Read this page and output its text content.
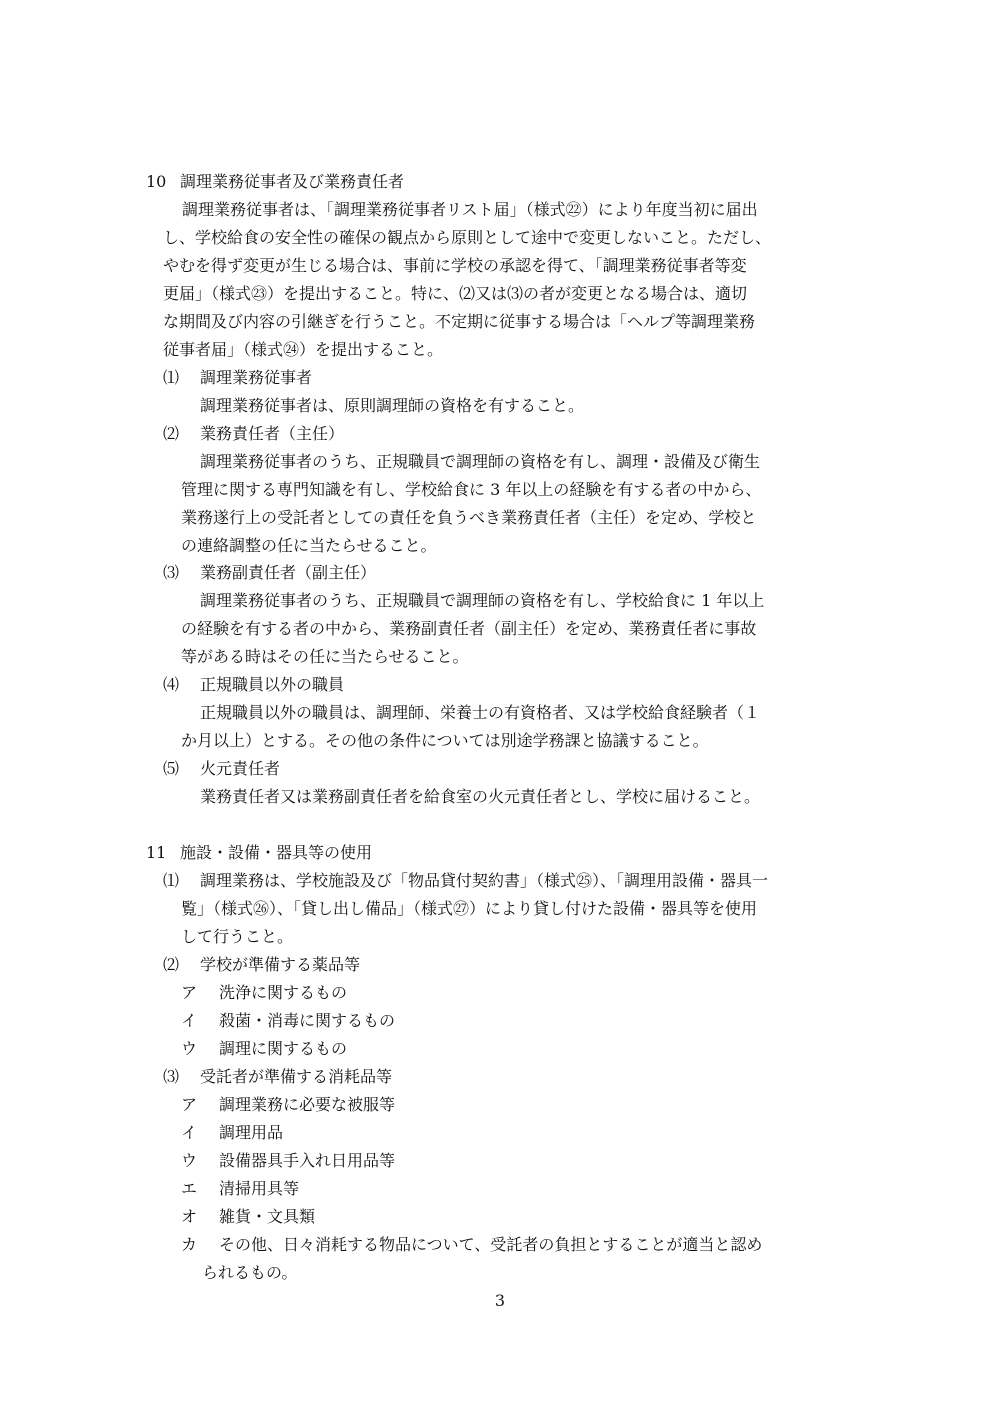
10 調理業務従事者及び業務責任者
調理業務従事者は、「調理業務従事者リスト届」（様式㉒）により年度当初に届出
し、学校給食の安全性の確保の観点から原則として途中で変更しないこと。ただし、
やむを得ず変更が生じる場合は、事前に学校の承認を得て、「調理業務従事者等変
更届」（様式㉓）を提出すること。特に、⑵又は⑶の者が変更となる場合は、適切
な期間及び内容の引継ぎを行うこと。不定期に従事する場合は「ヘルプ等調理業務
従事者届」（様式㉔）を提出すること。
⑴ 調理業務従事者
調理業務従事者は、原則調理師の資格を有すること。
⑵ 業務責任者（主任）
調理業務従事者のうち、正規職員で調理師の資格を有し、調理・設備及び衛生
管理に関する専門知識を有し、学校給食に 3 年以上の経験を有する者の中から、
業務遂行上の受託者としての責任を負うべき業務責任者（主任）を定め、学校と
の連絡調整の任に当たらせること。
⑶ 業務副責任者（副主任）
調理業務従事者のうち、正規職員で調理師の資格を有し、学校給食に 1 年以上
の経験を有する者の中から、業務副責任者（副主任）を定め、業務責任者に事故
等がある時はその任に当たらせること。
⑷ 正規職員以外の職員
正規職員以外の職員は、調理師、栄養士の有資格者、又は学校給食経験者（１
か月以上）とする。その他の条件については別途学務課と協議すること。
⑸ 火元責任者
業務責任者又は業務副責任者を給食室の火元責任者とし、学校に届けること。
11 施設・設備・器具等の使用
⑴ 調理業務は、学校施設及び「物品貸付契約書」（様式㉕）、「調理用設備・器具一
覧」（様式㉖）、「貸し出し備品」（様式㉗）により貸し付けた設備・器具等を使用
して行うこと。
⑵ 学校が準備する薬品等
ア 洗浄に関するもの
イ 殺菌・消毒に関するもの
ウ 調理に関するもの
⑶ 受託者が準備する消耗品等
ア 調理業務に必要な被服等
イ 調理用品
ウ 設備器具手入れ日用品等
エ 清掃用具等
オ 雑貨・文具類
カ その他、日々消耗する物品について、受託者の負担とすることが適当と認め
られるもの。
3
